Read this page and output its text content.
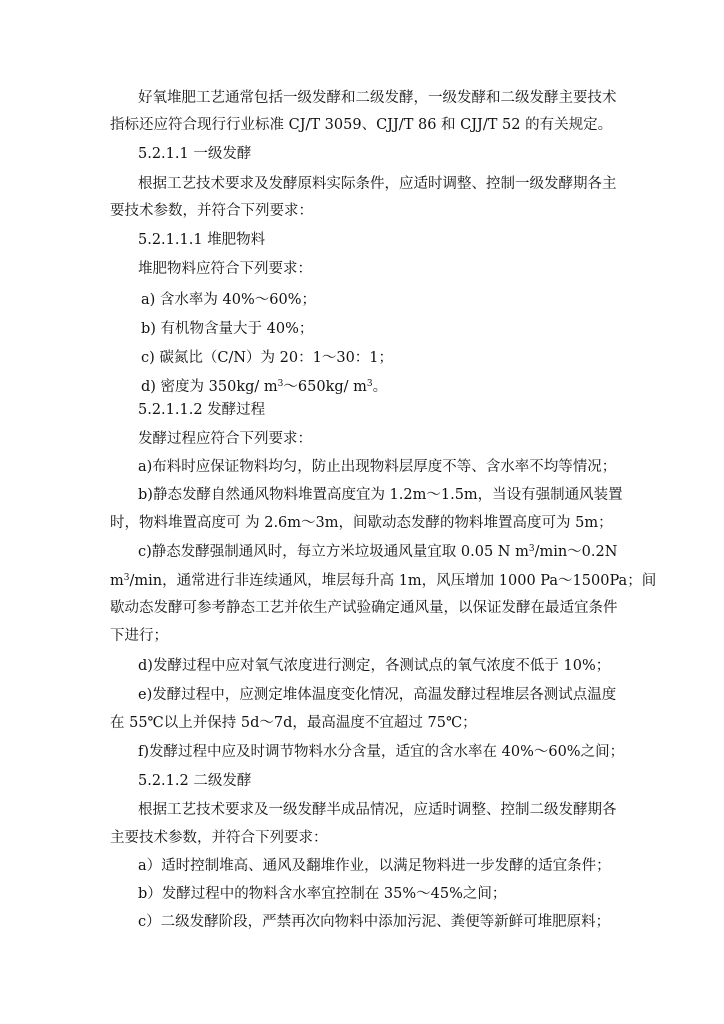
好氧堆肥工艺通常包括一级发酵和二级发酵，一级发酵和二级发酵主要技术
指标还应符合现行行业标准 CJ/T 3059、CJJ/T 86 和 CJJ/T 52 的有关规定。
5.2.1.1 一级发酵
根据工艺技术要求及发酵原料实际条件，应适时调整、控制一级发酵期各主
要技术参数，并符合下列要求：
5.2.1.1.1 堆肥物料
堆肥物料应符合下列要求：
a) 含水率为 40%～60%；
b) 有机物含量大于 40%；
c) 碳氮比（C/N）为 20：1～30：1；
d) 密度为 350kg/ $m^3\sim 650kg/$ $m^3$。
5.2.1.1.2 发酵过程
发酵过程应符合下列要求：
a)布料时应保证物料均匀，防止出现物料层厚度不等、含水率不均等情况；
b)静态发酵自然通风物料堆置高度宜为 1.2m～1.5m，当设有强制通风装置
时，物料堆置高度可 为 2.6m～3m，间歇动态发酵的物料堆置高度可为 5m；
c)静态发酵强制通风时，每立方米垃圾通风量宜取 0.05 N $m^3/\min\sim 0.2N$
$m^3/\min$，通常进行非连续通风，堆层每升高 1m，风压增加 1000 Pa～1500Pa；间
歇动态发酵可参考静态工艺并依生产试验确定通风量，以保证发酵在最适宜条件
下进行；
d)发酵过程中应对氧气浓度进行测定，各测试点的氧气浓度不低于 10%；
e)发酵过程中，应测定堆体温度变化情况，高温发酵过程堆层各测试点温度
在 55℃以上并保持 5d～7d，最高温度不宜超过 75℃；
f)发酵过程中应及时调节物料水分含量，适宜的含水率在 40%～60%之间；
5.2.1.2 二级发酵
根据工艺技术要求及一级发酵半成品情况，应适时调整、控制二级发酵期各
主要技术参数，并符合下列要求：
a）适时控制堆高、通风及翻堆作业，以满足物料进一步发酵的适宜条件；
b）发酵过程中的物料含水率宜控制在 35%～45%之间；
c）二级发酵阶段，严禁再次向物料中添加污泥、粪便等新鲜可堆肥原料；
